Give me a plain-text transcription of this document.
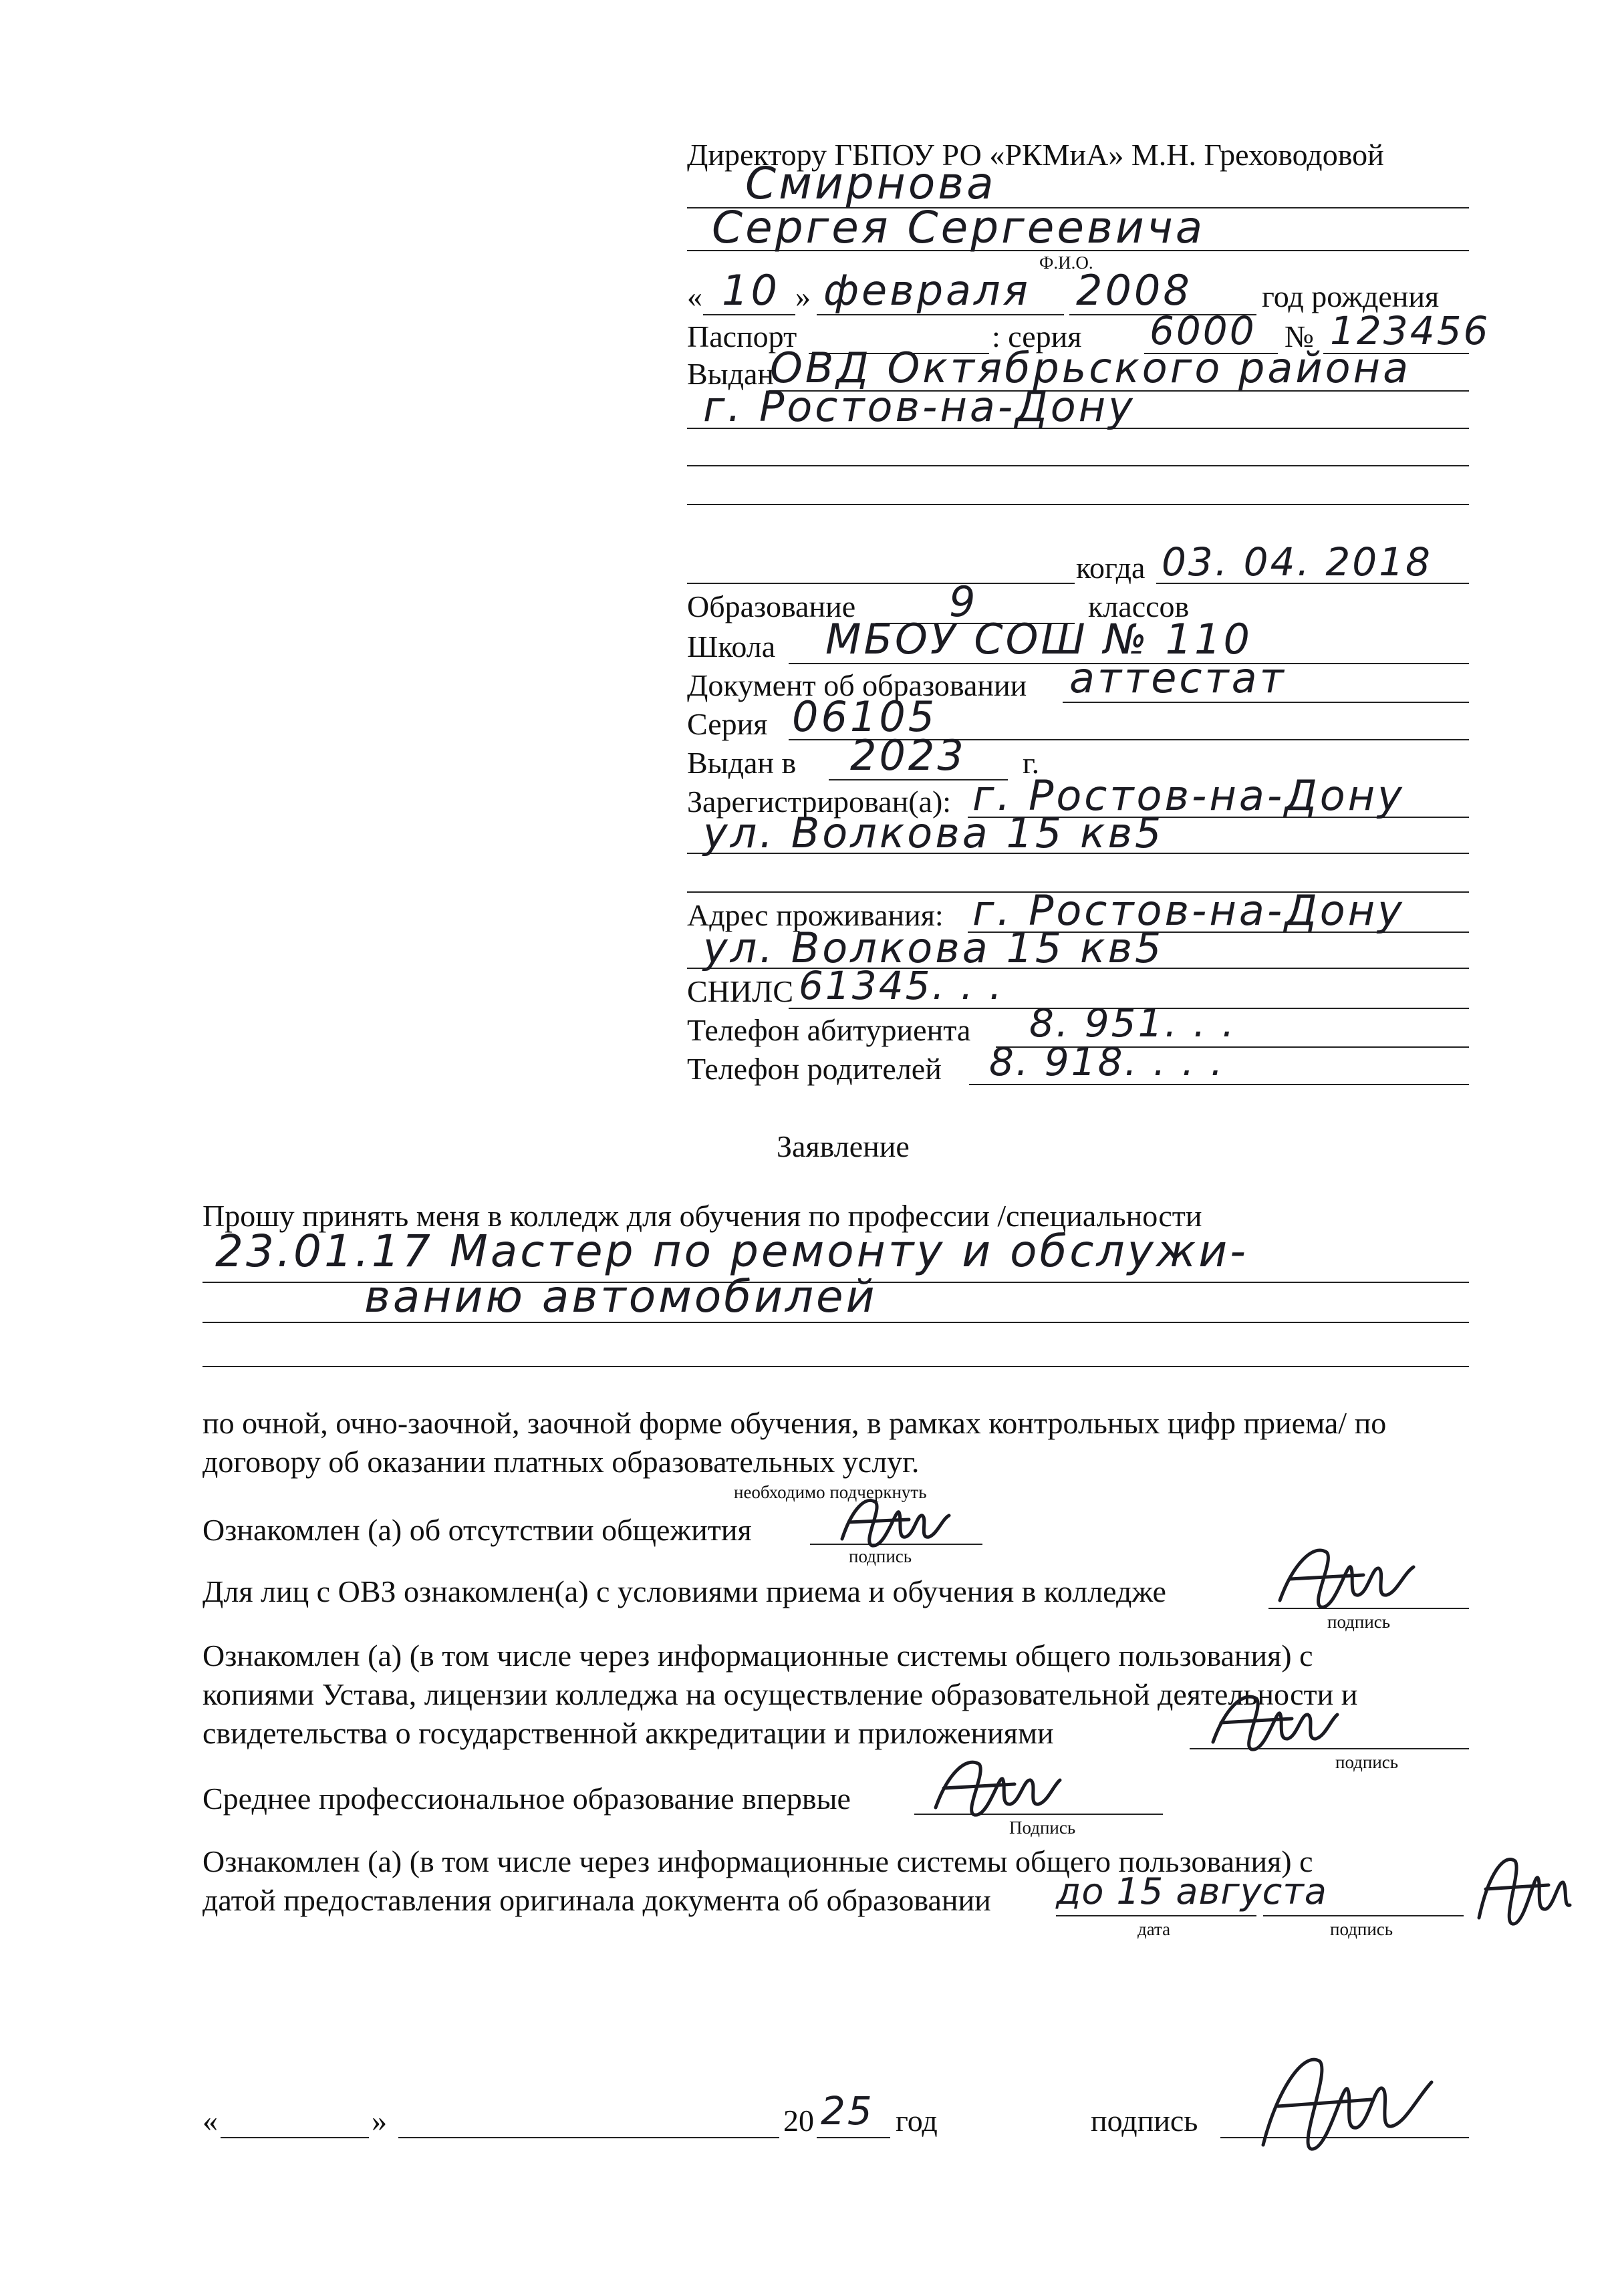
Директору ГБПОУ РО «РКМиА» М.Н. Греховодовой
Смирнова
Сергея Сергеевича
Ф.И.О.
« 10 » февраля 2008 год рождения
Паспорт	: серия 6000 № 123456
Выдан
ОВД Октябрьского района
г. Ростов-на-Дону
когда 03. 04. 2018
Образование 9	классов
Школа МБОУ СОШ № 110
Документ об образовании аттестат
Серия 06105
Выдан в 2023 г.
Зарегистрирован(а): г. Ростов-на-Дону
ул. Волкова 15 кв5
Адрес проживания: г. Ростов-на-Дону
ул. Волкова 15 кв5
СНИЛС 61345. . .
Телефон абитуриента 8. 951. . .
Телефон родителей 8. 918. . . .
Заявление
Прошу принять меня в колледж для обучения по профессии /специальности
23.01.17 Мастер по ремонту и обслужи-
ванию автомобилей
по очной, очно-заочной, заочной форме обучения, в рамках контрольных цифр приема/ по
договору об оказании платных образовательных услуг.
необходимо подчеркнуть
Ознакомлен (а) об отсутствии общежития
подпись
Для лиц с ОВЗ ознакомлен(а) с условиями приема и обучения в колледже
подпись
Ознакомлен (а) (в том числе через информационные системы общего пользования) с
копиями Устава, лицензии колледжа на осуществление образовательной деятельности и
свидетельства о государственной аккредитации и приложениями
подпись
Среднее профессиональное образование впервые
Подпись
Ознакомлен (а) (в том числе через информационные системы общего пользования) с
датой предоставления оригинала документа об образовании до 15 августа
дата	подпись
«	»	20 25 год	подпись
